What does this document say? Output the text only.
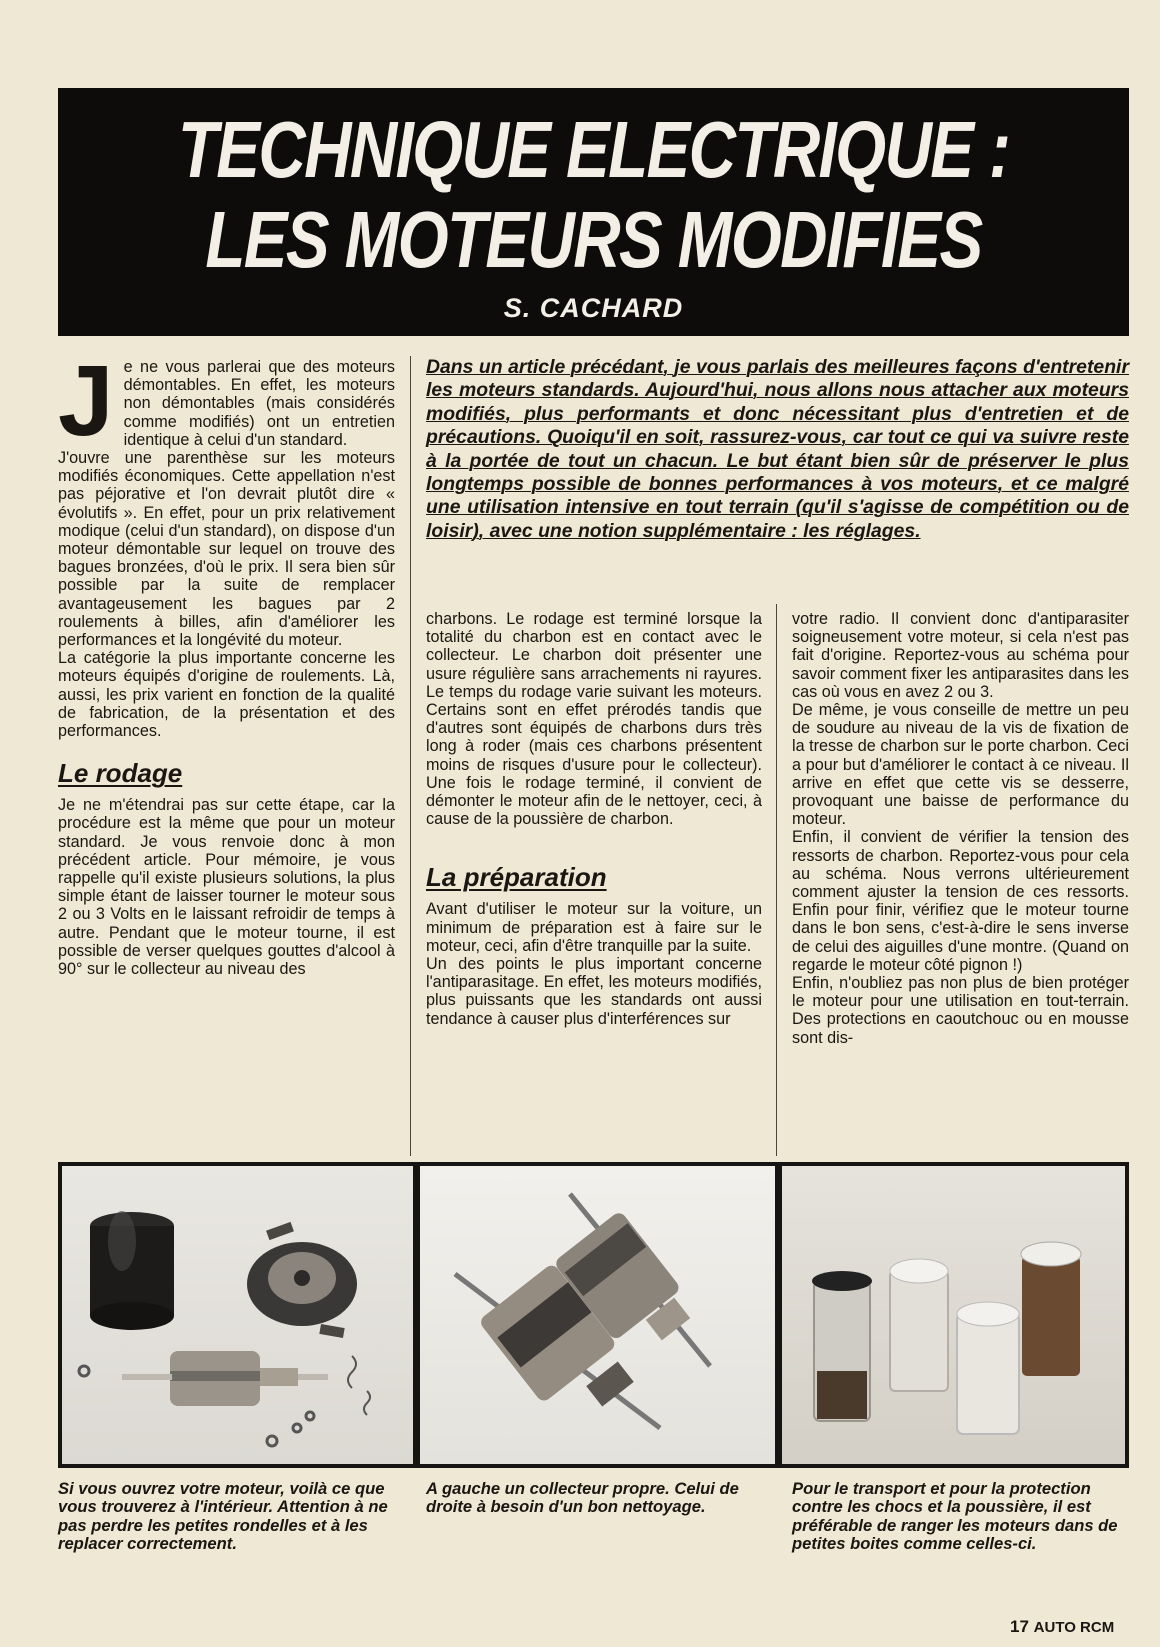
TECHNIQUE ELECTRIQUE :
LES MOTEURS MODIFIES
S. CACHARD
J e ne vous parlerai que des moteurs démontables. En effet, les moteurs non démontables (mais considérés comme modifiés) ont un entretien identique à celui d'un standard.

J'ouvre une parenthèse sur les moteurs modifiés économiques. Cette appellation n'est pas péjorative et l'on devrait plutôt dire « évolutifs ». En effet, pour un prix relativement modique (celui d'un standard), on dispose d'un moteur démontable sur lequel on trouve des bagues bronzées, d'où le prix. Il sera bien sûr possible par la suite de remplacer avantageusement les bagues par 2 roulements à billes, afin d'améliorer les performances et la longévité du moteur.

La catégorie la plus importante concerne les moteurs équipés d'origine de roulements. Là, aussi, les prix varient en fonction de la qualité de fabrication, de la présentation et des performances.

Le rodage

Je ne m'étendrai pas sur cette étape, car la procédure est la même que pour un moteur standard. Je vous renvoie donc à mon précédent article. Pour mémoire, je vous rappelle qu'il existe plusieurs solutions, la plus simple étant de laisser tourner le moteur sous 2 ou 3 Volts en le laissant refroidir de temps à autre. Pendant que le moteur tourne, il est possible de verser quelques gouttes d'alcool à 90° sur le collecteur au niveau des

Dans un article précédant, je vous parlais des meilleures façons d'entretenir les moteurs standards. Aujourd'hui, nous allons nous attacher aux moteurs modifiés, plus performants et donc nécessitant plus d'entretien et de précautions. Quoiqu'il en soit, rassurez-vous, car tout ce qui va suivre reste à la portée de tout un chacun. Le but étant bien sûr de préserver le plus longtemps possible de bonnes performances à vos moteurs, et ce malgré une utilisation intensive en tout terrain (qu'il s'agisse de compétition ou de loisir), avec une notion supplémentaire : les réglages.

charbons. Le rodage est terminé lorsque la totalité du charbon est en contact avec le collecteur. Le charbon doit présenter une usure régulière sans arrachements ni rayures. Le temps du rodage varie suivant les moteurs. Certains sont en effet prérodés tandis que d'autres sont équipés de charbons durs très long à roder (mais ces charbons présentent moins de risques d'usure pour le collecteur). Une fois le rodage terminé, il convient de démonter le moteur afin de le nettoyer, ceci, à cause de la poussière de charbon.

La préparation

Avant d'utiliser le moteur sur la voiture, un minimum de préparation est à faire sur le moteur, ceci, afin d'être tranquille par la suite.

Un des points le plus important concerne l'antiparasitage. En effet, les moteurs modifiés, plus puissants que les standards ont aussi tendance à causer plus d'interférences sur

votre radio. Il convient donc d'antiparasiter soigneusement votre moteur, si cela n'est pas fait d'origine. Reportez-vous au schéma pour savoir comment fixer les antiparasites dans les cas où vous en avez 2 ou 3.

De même, je vous conseille de mettre un peu de soudure au niveau de la vis de fixation de la tresse de charbon sur le porte charbon. Ceci a pour but d'améliorer le contact à ce niveau. Il arrive en effet que cette vis se desserre, provoquant une baisse de performance du moteur.

Enfin, il convient de vérifier la tension des ressorts de charbon. Reportez-vous pour cela au schéma. Nous verrons ultérieurement comment ajuster la tension de ces ressorts. Enfin pour finir, vérifiez que le moteur tourne dans le bon sens, c'est-à-dire le sens inverse de celui des aiguilles d'une montre. (Quand on regarde le moteur côté pignon !)

Enfin, n'oubliez pas non plus de bien protéger le moteur pour une utilisation en tout-terrain. Des protections en caoutchouc ou en mousse sont dis-

Si vous ouvrez votre moteur, voilà ce que vous trouverez à l'intérieur. Attention à ne pas perdre les petites rondelles et à les replacer correctement.
A gauche un collecteur propre. Celui de droite à besoin d'un bon nettoyage.
Pour le transport et pour la protection contre les chocs et la poussière, il est préférable de ranger les moteurs dans de petites boites comme celles-ci.
17 AUTO RCM
